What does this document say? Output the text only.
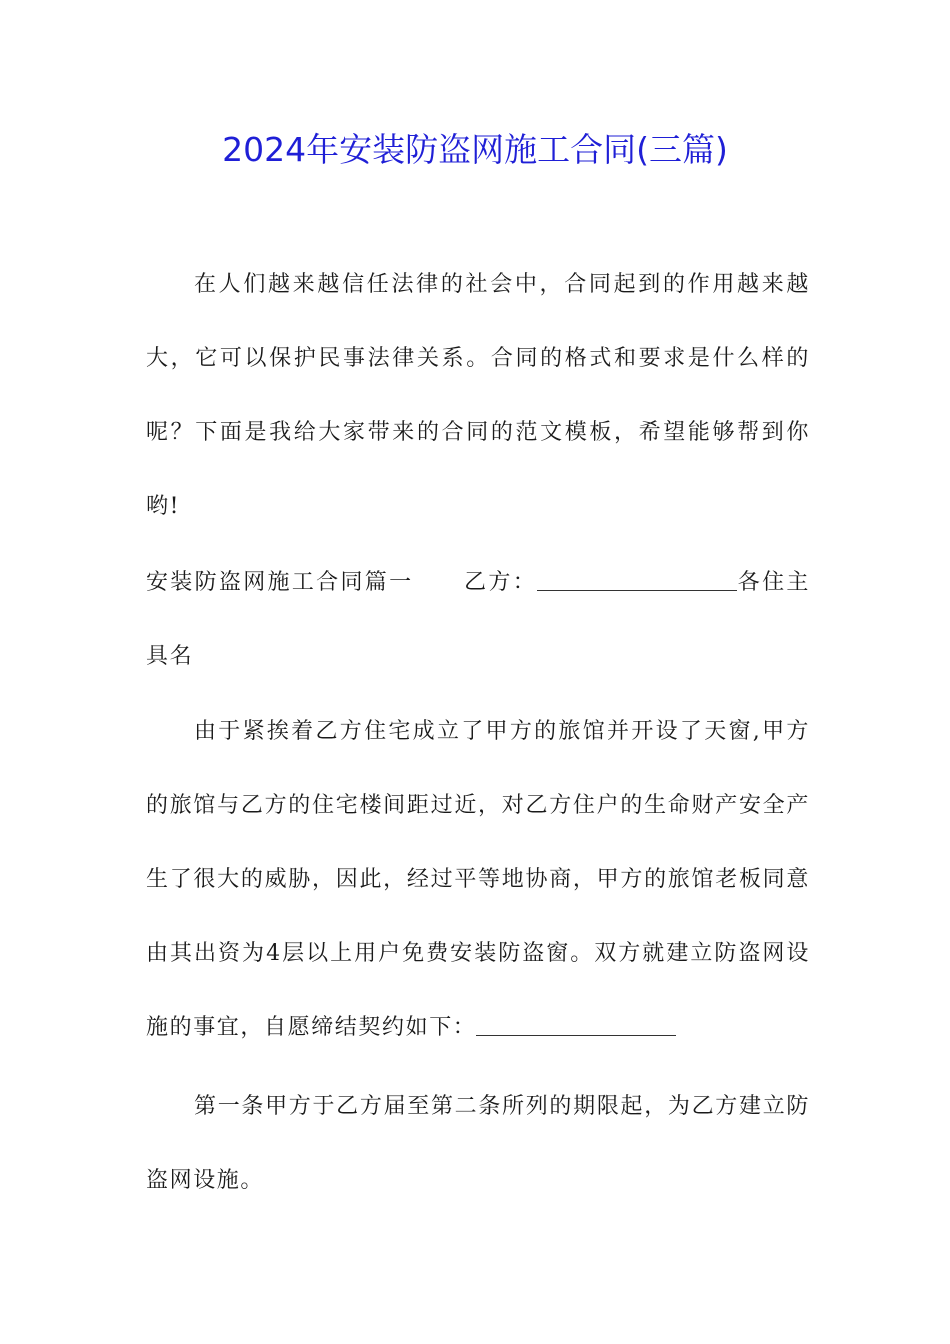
2024年安装防盗网施工合同(三篇)
在人们越来越信任法律的社会中，合同起到的作用越来越大，它可以保护民事法律关系。合同的格式和要求是什么样的呢？下面是我给大家带来的合同的范文模板，希望能够帮到你哟!
安装防盗网施工合同篇一 乙方：	各住主具名
由于紧挨着乙方住宅成立了甲方的旅馆并开设了天窗,甲方的旅馆与乙方的住宅楼间距过近，对乙方住户的生命财产安全产生了很大的威胁，因此，经过平等地协商，甲方的旅馆老板同意由其出资为4层以上用户免费安装防盗窗。双方就建立防盗网设施的事宜，自愿缔结契约如下：
第一条甲方于乙方届至第二条所列的期限起，为乙方建立防盗网设施。
